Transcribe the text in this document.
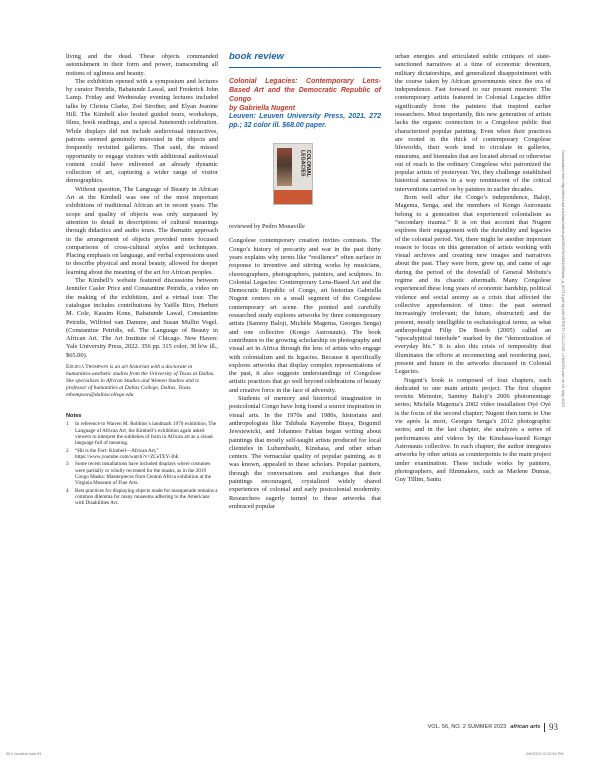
living and the dead. These objects commanded astonishment in their form and power, transcending all notions of ugliness and beauty.

The exhibition opened with a symposium and lectures by curator Petridis, Babatunde Lawal, and Frederick John Lamp. Friday and Wednesday evening lectures included talks by Christa Clarke, Zoé Strother, and Elyan Jeanine Hill. The Kimbell also hosted guided tours, workshops, films, book readings, and a special Juneteenth celebration. While displays did not include audiovisual interactives, patrons seemed genuinely interested in the objects and frequently revisited galleries. That said, the missed opportunity to engage visitors with additional audiovisual content could have enlivened an already dynamic collection of art, capturing a wider range of visitor demographics.

Without question, The Language of Beauty in African Art at the Kimbell was one of the most important exhibitions of traditional African art in recent years. The scope and quality of objects was only surpassed by attention to detail in descriptions of cultural meanings through didactics and audio tours. The thematic approach in the arrangement of objects provided more focused comparisons of cross-cultural styles and techniques. Placing emphasis on language, and verbal expressions used to describe physical and moral beauty, allowed for deeper learning about the meaning of the art for African peoples.

The Kimbell’s website featured discussions between Jennifer Casler Price and Constantine Petridis, a video on the making of the exhibition, and a virtual tour. The catalogue includes contributions by Yaëlle Biro, Herbert M. Cole, Kassim Kone, Babatunde Lawal, Constantine Petridis, Wilfried van Damme, and Susan Mullin Vogel. (Constantine Petridis, ed. The Language of Beauty in African Art. The Art Institute of Chicago. New Haven: Yale University Press, 2022. 356 pp. 315 color, 30 b/w ill., $65.00).

Edlieca Thompson is an art historian with a doctorate in humanities-aesthetic studies from the University of Texas at Dallas. She specializes in African Studies and Women Studies and is professor of humanities at Dallas College, Dallas, Texas. ethompson@dallascollege.edu
Notes
1 In reference to Warren M. Robbins’s landmark 1970 exhibition, The Language of African Art, the Kimbell’s exhibition again asked viewers to interpret the subtleties of form in African art as a visual language full of meaning.
2 “Hit is the Fort: Kimbell—African Art,” https://www.youtube.com/watch?v=ZCeTEY-3bE
3 Some recent installations have included displays where costumes were partially or wholly recreated for the masks, as in the 2019 Congo Masks: Masterpieces from Central Africa exhibition at the Virginia Museum of Fine Arts.
4 Best practices for displaying objects made for masquerade remains a common dilemma for many museums adhering to the Americans with Disabilities Act.
book review
Colonial Legacies: Contemporary Lens-Based Art and the Democratic Republic of Congo
by Gabriella Nugent
Leuven: Leuven University Press, 2021. 272 pp.; 32 color ill. $68.00 paper.
COLONIAL LEGACIES
reviewed by Pedro Monaville

Congolese contemporary creation invites contrasts. The Congo’s history of precarity and war in the past thirty years explains why terms like “resilience” often surface in response to inventive and stirring works by musicians, choreographers, photographers, painters, and sculptors. In Colonial Legacies: Contemporary Lens-Based Art and the Democratic Republic of Congo, art historian Gabriella Nugent centers on a small segment of the Congolese contemporary art scene. Her pointed and carefully researched study explores artworks by three contemporary artists (Sammy Baloji, Michèle Magema, Georges Senga) and one collective (Kongo Astronauts). The book contributes to the growing scholarship on photography and visual art in Africa through the lens of artists who engage with colonialism and its legacies. Because it specifically explores artworks that display complex representations of the past, it also suggests understandings of Congolese artistic practices that go well beyond celebrations of beauty and creative force in the face of adversity.

Students of memory and historical imagination in postcolonial Congo have long found a source inspiration in visual arts. In the 1970s and 1980s, historians and anthropologists like Tshibala Kayembe Biaya, Bogumil Jewsiewicki, and Johannes Fabian began writing about paintings that mostly self-taught artists produced for local clienteles in Lubumbashi, Kinshasa, and other urban centers. The vernacular quality of popular painting, as it was known, appealed to these scholars. Popular painters, through the conversations and exchanges that their paintings encouraged, crystalized widely shared experiences of colonial and early postcolonial modernity. Researchers eagerly turned to these artworks that embraced popular

urban energies and articulated subtle critiques of state-sanctioned narratives at a time of economic downturn, military dictatorships, and generalized disappointment with the course taken by African governments since the era of independence. Fast forward to our present moment: The contemporary artists featured in Colonial Legacies differ significantly from the painters that inspired earlier researchers. Most importantly, this new generation of artists lacks the organic connection to a Congolese public that characterized popular painting. Even when their practices are rooted in the thick of contemporary Congolese lifeworlds, their work tend to circulate in galleries, museums, and biennales that are located abroad or otherwise out of reach to the ordinary Congolese who patronized the popular artists of yesteryear. Yet, they challenge established historical narratives in a way reminiscent of the critical interventions carried on by painters in earlier decades.

Born well after the Congo’s independence, Baloji, Magema, Senga, and the members of Kongo Astronauts belong to a generation that experienced colonialism as “secondary trauma.” It is on that account that Nugent explores their engagement with the durability and legacies of the colonial period. Yet, there might be another important reason to focus on this generation of artists working with visual archives and creating new images and narratives about the past. They were born, grew up, and came of age during the period of the downfall of General Mobutu’s regime and its chaotic aftermath. Many Congolese experienced these long years of economic hardship, political violence and social anomy as a crisis that affected the collective apprehension of time: the past seemed increasingly irrelevant; the future, obstructed; and the present, mostly intelligible in eschatological terms, as what anthropologist Filip De Boeck (2005) called an “apocalyptical interlude” marked by the “demonization of everyday life.” It is also this crisis of temporality that illuminates the efforts at reconnecting and reordering past, present and future in the artworks discussed in Colonial Legacies.

Nugent’s book is composed of four chapters, each dedicated to one main artistic project. The first chapter revisits Mémoire, Sammy Baloji’s 2006 photomontage series; Michèle Magema’s 2002 video installation Oyé Oyé is the focus of the second chapter; Nugent then turns to Une vie après la mort, Georges Senga’s 2012 photographic series; and in the last chapter, she analyzes a series of performances and videos by the Kinshasa-based Kongo Astronauts collective. In each chapter, the author integrates artworks by other artists as counterpoints to the main project under examination. These include works by painters, photographers, and filmmakers, such as Marlene Dumas, Guy Tillim, Santu

Downloaded from http://direct.mit.edu/afar/article-pdf/56/2/92/2081956/afar_a_00713.pdf by UNIVERSITY COLLEGE LONDON user on 01 May 2023
VOL. 56, NO. 2 SUMMER 2023 african arts 93
56.2 bookind.indd 93	2/8/2023 12:22:54 PM
